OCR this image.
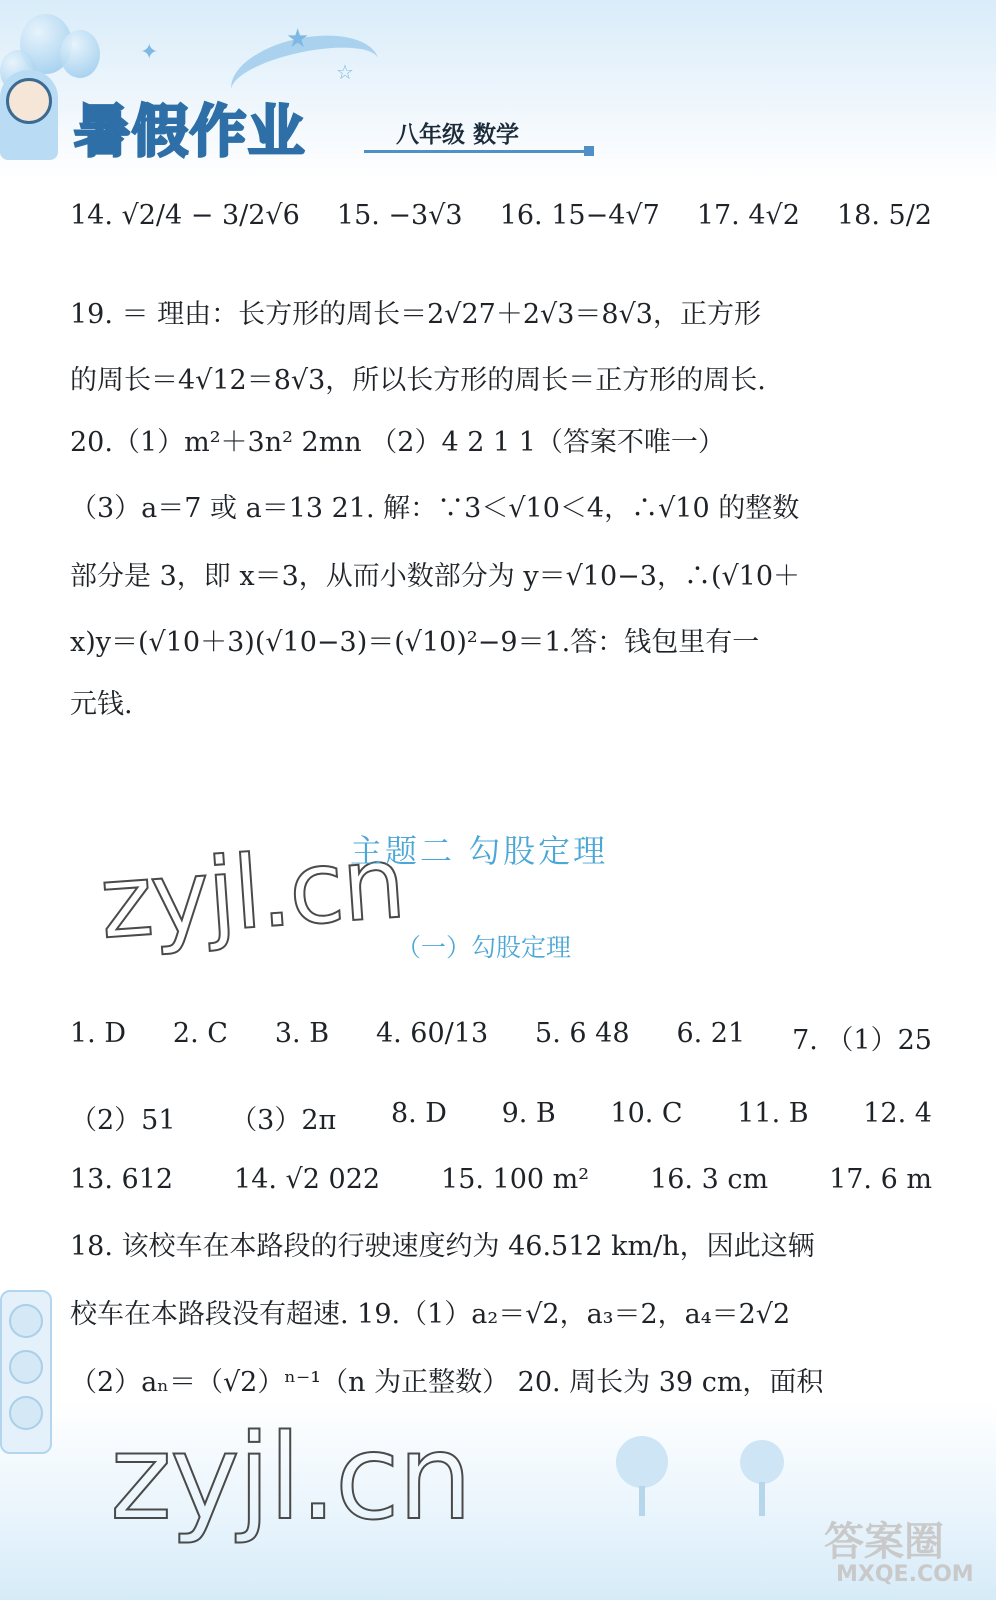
★
☆
✦
暑假作业	八年级 数学
14. √2/4 − 3/2√6 15. −3√3 16. 15−4√7 17. 4√2 18. 5/2
19. ＝ 理由：长方形的周长＝2√27＋2√3＝8√3，正方形
的周长＝4√12＝8√3，所以长方形的周长＝正方形的周长.
20.（1）m²＋3n² 2mn （2）4 2 1 1（答案不唯一）
（3）a＝7 或 a＝13 21. 解：∵3＜√10＜4，∴√10 的整数
部分是 3，即 x＝3，从而小数部分为 y＝√10−3，∴(√10＋
x)y＝(√10＋3)(√10−3)＝(√10)²−9＝1.答：钱包里有一
元钱.
zyjl.cn
主题二 勾股定理
（一）勾股定理
1. D 2. C 3. B 4. 60/13 5. 6 48 6. 21 7. （1）25
（2）51 （3）2π 8. D 9. B 10. C 11. B 12. 4
13. 612 14. √2 022 15. 100 m² 16. 3 cm 17. 6 m
18. 该校车在本路段的行驶速度约为 46.512 km/h，因此这辆
校车在本路段没有超速. 19.（1）a₂＝√2，a₃＝2，a₄＝2√2
（2）aₙ＝（√2）ⁿ⁻¹（n 为正整数） 20. 周长为 39 cm，面积
zyjl.cn	答案圈
MXQE.COM
